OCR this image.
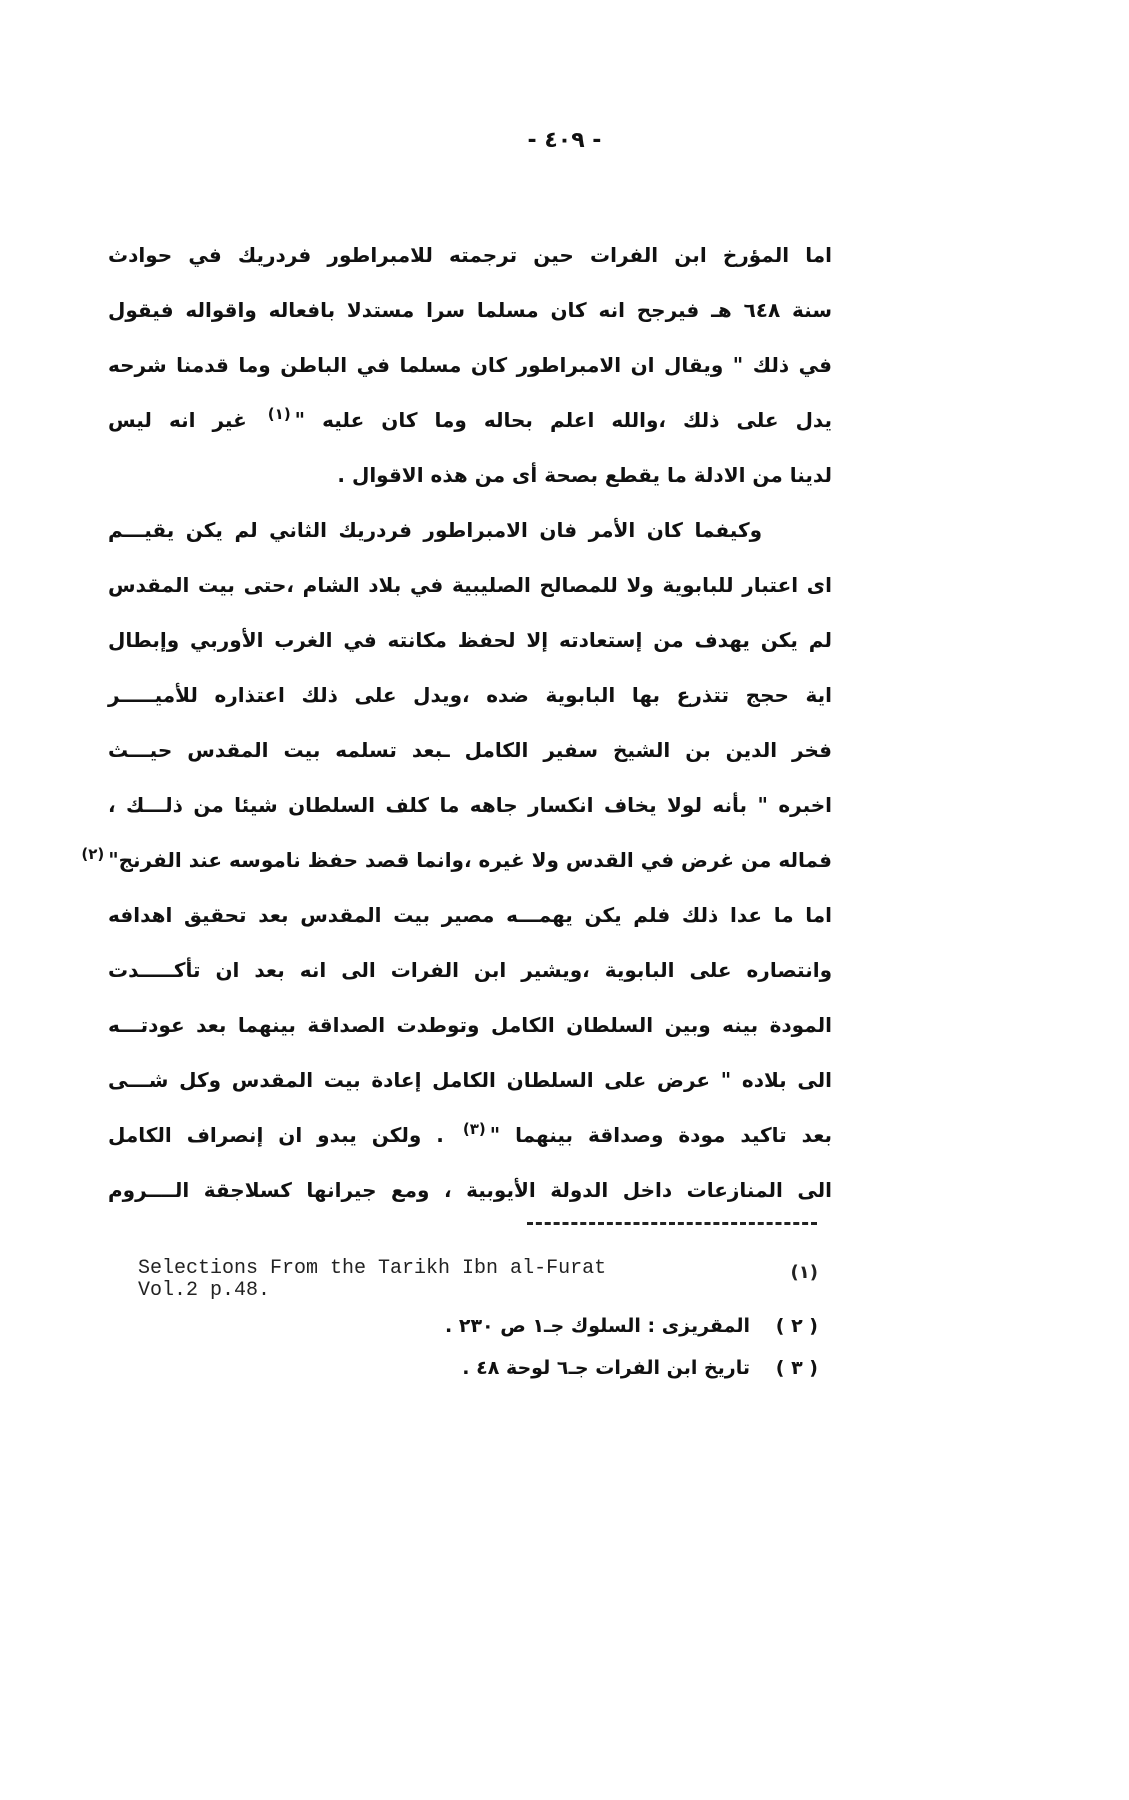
- ٤٠٩ -
اما المؤرخ ابن الفرات حين ترجمته للامبراطور فردريك في حوادث
سنة ٦٤٨ هـ فيرجح انه كان مسلما سرا مستدلا بافعاله واقواله فيقول
في ذلك " ويقال ان الامبراطور كان مسلما في الباطن وما قدمنا شرحه
يدل على ذلك ،والله اعلم بحاله وما كان عليه "$^{(١)}$ غير انه ليس
لدينا من الادلة ما يقطع بصحة أى من هذه الاقوال .
وكيفما كان الأمر فان الامبراطور فردريك الثاني لم يكن يقيـــم
اى اعتبار للبابوية ولا للمصالح الصليبية في بلاد الشام ،حتى بيت المقدس
لم يكن يهدف من إستعادته إلا لحفظ مكانته في الغرب الأوربي وإبطال
اية حجج تتذرع بها البابوية ضده ،ويدل على ذلك اعتذاره للأميـــــر
فخر الدين بن الشيخ سفير الكامل ـبعد تسلمه بيت المقدس حيـــث
اخبره " بأنه لولا يخاف انكسار جاهه ما كلف السلطان شيئا من ذلـــك ،
فماله من غرض في القدس ولا غيره ،وانما قصد حفظ ناموسه عند الفرنج"$^{(٢)}$
اما ما عدا ذلك فلم يكن يهمـــه مصير بيت المقدس بعد تحقيق اهدافه
وانتصاره على البابوية ،ويشير ابن الفرات الى انه بعد ان تأكـــــدت
المودة بينه وبين السلطان الكامل وتوطدت الصداقة بينهما بعد عودتـــه
الى بلاده " عرض على السلطان الكامل إعادة بيت المقدس وكل شـــى
بعد تاكيد مودة وصداقة بينهما "$^{(٣)}$ . ولكن يبدو ان إنصراف الكامل
الى المنازعات داخل الدولة الأيوبية ، ومع جيرانها كسلاجقة الــــروم
Selections From the Tarikh Ibn al-Furat
Vol.2 p.48.
(١)
( ٢ )المقريزى : السلوك جـ١ ص ٢٣٠ .
( ٣ )تاريخ ابن الفرات جـ٦ لوحة ٤٨ .
